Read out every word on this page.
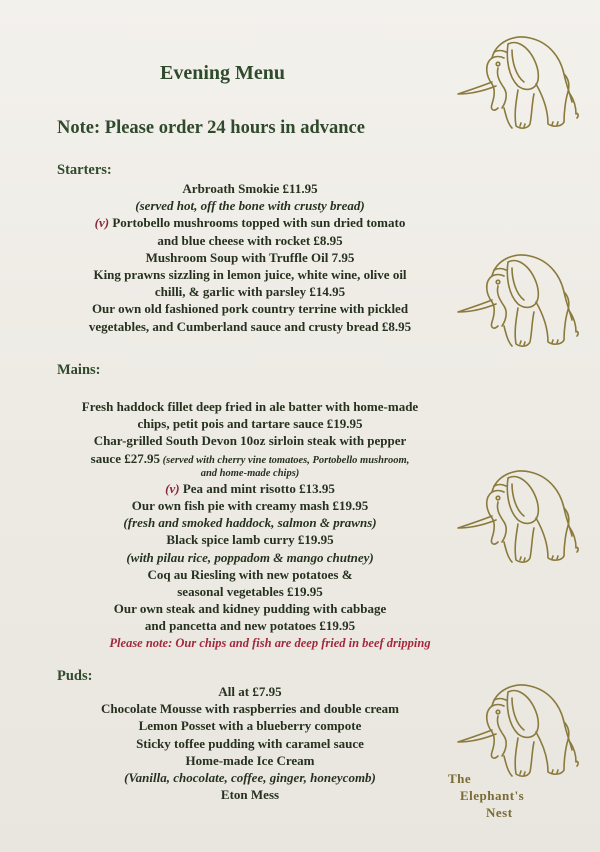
Evening Menu
Note: Please order 24 hours in advance
Starters:
Arbroath Smokie £11.95
(served hot, off the bone with crusty bread)
(v) Portobello mushrooms topped with sun dried tomato
and blue cheese with rocket £8.95
Mushroom Soup with Truffle Oil 7.95
King prawns sizzling in lemon juice, white wine, olive oil
chilli, & garlic with parsley £14.95
Our own old fashioned pork country terrine with pickled
vegetables, and Cumberland sauce and crusty bread £8.95
Mains:
Fresh haddock fillet deep fried in ale batter with home-made
chips, petit pois and tartare sauce £19.95
Char-grilled South Devon 10oz sirloin steak with pepper
sauce £27.95 (served with cherry vine tomatoes, Portobello mushroom,
and home-made chips)
(v) Pea and mint risotto £13.95
Our own fish pie with creamy mash £19.95
(fresh and smoked haddock, salmon & prawns)
Black spice lamb curry £19.95
(with pilau rice, poppadom & mango chutney)
Coq au Riesling with new potatoes &
seasonal vegetables £19.95
Our own steak and kidney pudding with cabbage
and pancetta and new potatoes £19.95
Please note: Our chips and fish are deep fried in beef dripping
Puds:
All at £7.95
Chocolate Mousse with raspberries and double cream
Lemon Posset with a blueberry compote
Sticky toffee pudding with caramel sauce
Home-made Ice Cream
(Vanilla, chocolate, coffee, ginger, honeycomb)
Eton Mess
The
Elephant's
Nest
